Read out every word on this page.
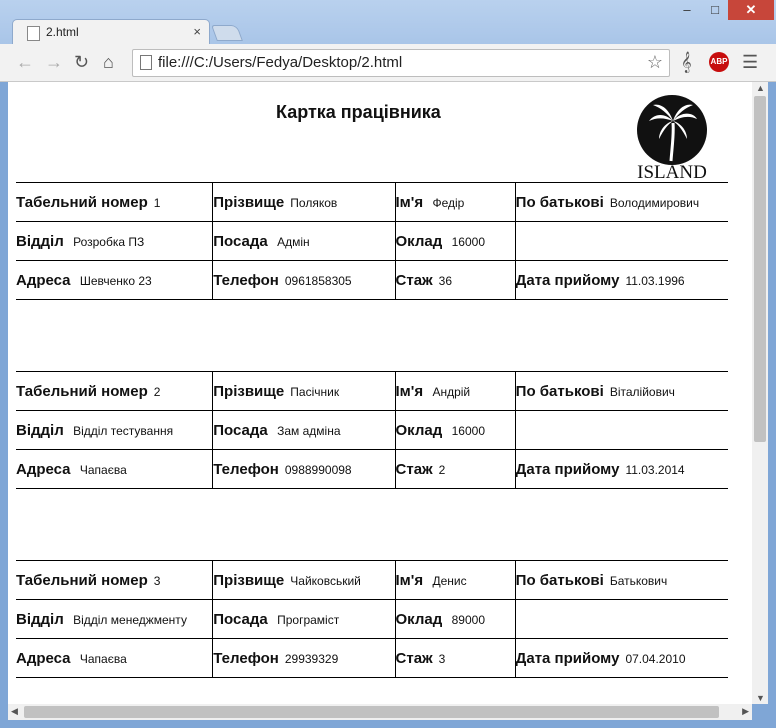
2.html	×
–	□	✕
← → ↻ ⌂	file:///C:/Users/Fedya/Desktop/2.html	☆ 𝄞	☰
ABP
Картка працівника
ISLAND
Табельний номер 1	Прізвище Поляков	Ім'я Федір	По батькові Володимирович
Відділ Розробка ПЗ	Посада Адмін	Оклад 16000	
Адреса Шевченко 23	Телефон 0961858305	Стаж 36	Дата прийому 11.03.1996
Табельний номер 2	Прізвище Пасічник	Ім'я Андрій	По батькові Віталійович
Відділ Відділ тестування	Посада Зам адміна	Оклад 16000	
Адреса Чапаєва	Телефон 0988990098	Стаж 2	Дата прийому 11.03.2014
Табельний номер 3	Прізвище Чайковський	Ім'я Денис	По батькові Батькович
Відділ Відділ менеджменту	Посада Програміст	Оклад 89000	
Адреса Чапаєва	Телефон 29939329	Стаж 3	Дата прийому 07.04.2010
▲
▼
◀	▶
